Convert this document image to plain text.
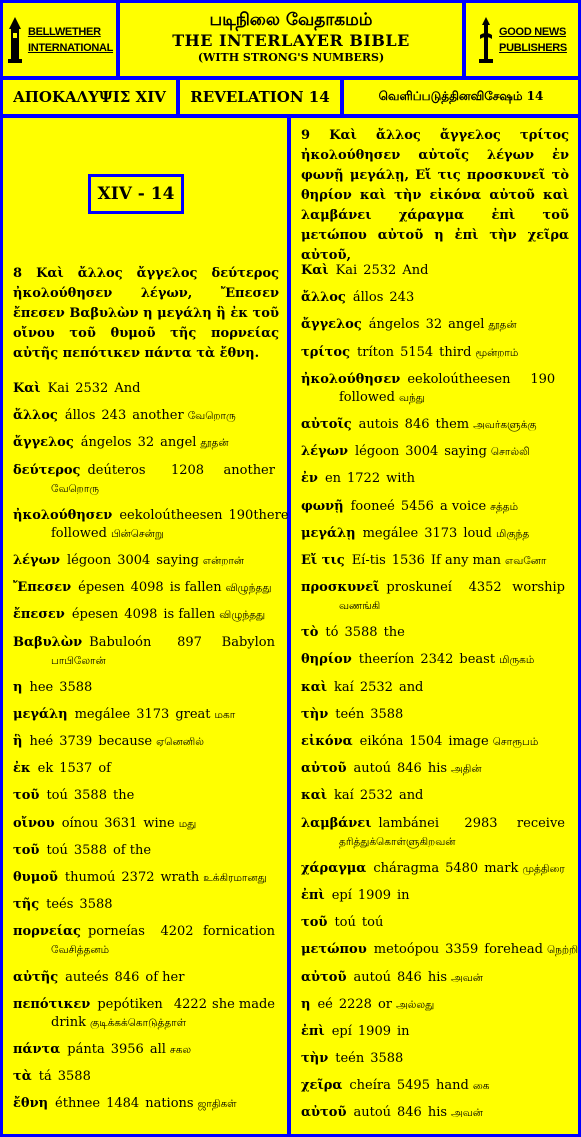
BELLWETHER
INTERNATIONAL
படிநிலை வேதாகமம்
THE INTERLAYER BIBLE
(WITH STRONG'S NUMBERS)
GOOD NEWS
PUBLISHERS
ΑΠΟΚΑΛΥΨΙΣ XIV	REVELATION 14	வெளிப்படுத்தினவிசேஷம் 14
XIV - 14
8 Καὶ ἄλλος ἄγγελος δεύτερος ἠκολούθησεν λέγων, Ἔπεσεν ἔπεσεν Βαβυλὼν η μεγάλη ἣ ἐκ τοῦ οἴνου τοῦ θυμοῦ τῆς πορνείας αὐτῆς πεπότικεν πάντα τὰ ἔθνη.
Καὶ Kai 2532 And
ἄλλος állos 243 another வேறொரு
ἄγγελος ángelos 32 angel தூதன்
δεύτερος deúteros	1208 another
வேறொரு
ἠκολούθησεν eekoloútheesen 190 there
followed பின்சென்று
λέγων légoon 3004 saying என்றான்
Ἔπεσεν épesen 4098 is fallen விழுந்தது
ἔπεσεν épesen 4098 is fallen விழுந்தது
Βαβυλὼν Babuloón	897 Babylon
பாபிலோன்
η hee 3588
μεγάλη megálee 3173 great மகா
ἣ heé 3739 because ஏனெனில்
ἐκ ek 1537 of
τοῦ toú 3588 the
οἴνου oínou 3631 wine மது
τοῦ toú 3588 of the
θυμοῦ thumoú 2372 wrath உக்கிரமானது
τῆς teés 3588
πορνείας porneías	4202 fornication
வேசித்தனம்
αὐτῆς auteés 846 of her
πεπότικεν pepótiken 4222 she made
drink குடிக்கக்கொடுத்தாள்
πάντα pánta 3956 all சகல
τὰ tá 3588
ἔθνη éthnee 1484 nations ஜாதிகள்
9 Καὶ ἄλλος ἄγγελος τρίτος ἠκολούθησεν αὐτοῖς λέγων ἐν φωνῇ μεγάλῃ, Εἴ τις προσκυνεῖ τὸ θηρίον καὶ τὴν εἰκόνα αὐτοῦ καὶ λαμβάνει χάραγμα ἐπὶ τοῦ μετώπου αὐτοῦ η ἐπὶ τὴν χεῖρα αὐτοῦ,
Καὶ Kai 2532 And
ἄλλος állos 243
ἄγγελος ángelos 32 angel தூதன்
τρίτος tríton 5154 third மூன்றாம்
ἠκολούθησεν eekoloútheesen	190
followed வந்து
αὐτοῖς autois 846 them அவர்களுக்கு
λέγων légoon 3004 saying சொல்லி
ἐν en 1722 with
φωνῇ fooneé 5456 a voice சத்தம்
μεγάλῃ megálee 3173 loud மிகுந்த
Εἴ τις Eí-tis 1536 If any man எவனோ
προσκυνεῖ proskuneí	4352 worship
வணங்கி
τὸ tó 3588 the
θηρίον theeríon 2342 beast மிருகம்
καὶ kaí 2532 and
τὴν teén 3588
εἰκόνα eikóna 1504 image சொரூபம்
αὐτοῦ autoú 846 his அதின்
καὶ kaí 2532 and
λαμβάνει lambánei	2983 receive
தரித்துக்கொள்ளுகிறவன்
χάραγμα cháragma 5480 mark முத்திரை
ἐπὶ epí 1909 in
τοῦ toú toú
μετώπου metoópou 3359 forehead நெற்றி
αὐτοῦ autoú 846 his அவன்
η eé 2228 or அல்லது
ἐπὶ epí 1909 in
τὴν teén 3588
χεῖρα cheíra 5495 hand கை
αὐτοῦ autoú 846 his அவன்
